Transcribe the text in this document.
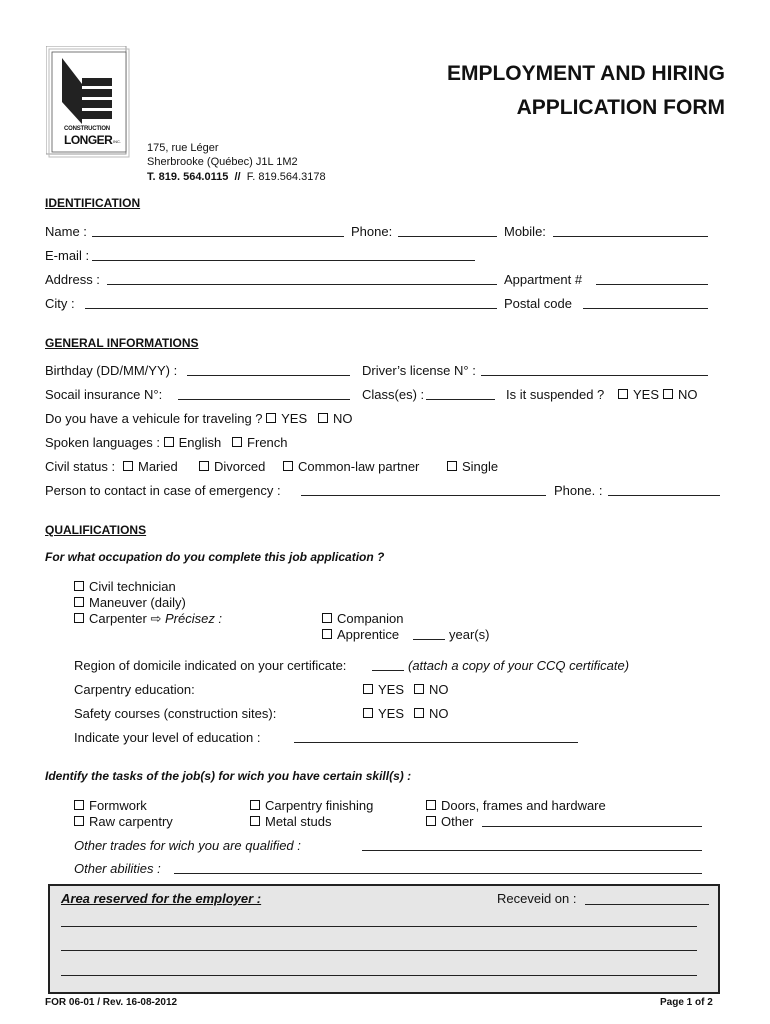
CONSTRUCTION
LONGER INC.
EMPLOYMENT AND HIRING
APPLICATION FORM
175, rue Léger
Sherbrooke (Québec) J1L 1M2
T. 819. 564.0115 // F. 819.564.3178
IDENTIFICATION
Name :	Phone:	Mobile:
E-mail :
Address :	Appartment #
City :	Postal code
GENERAL INFORMATIONS
Birthday (DD/MM/YY) :	Driver’s license N° :
Socail insurance N°:	Class(es) :	Is it suspended ?	YES	NO
Do you have a vehicule for traveling ? YES NO
Spoken languages : English French
Civil status :	Maried	Divorced	Common-law partner	Single
Person to contact in case of emergency :	Phone. :
QUALIFICATIONS
For what occupation do you complete this job application ?
Civil technician
Maneuver (daily)
Carpenter ⇨ Précisez :	Companion
Apprentice	year(s)
Region of domicile indicated on your certificate:	(attach a copy of your CCQ certificate)
Carpentry education:	YES	NO
Safety courses (construction sites):	YES	NO
Indicate your level of education :
Identify the tasks of the job(s) for wich you have certain skill(s) :
Formwork
Raw carpentry
Carpentry finishing
Metal studs
Doors, frames and hardware
Other
Other trades for wich you are qualified :
Other abilities :
Area reserved for the employer :	Receveid on :
FOR 06-01 / Rev. 16-08-2012	Page 1 of 2
